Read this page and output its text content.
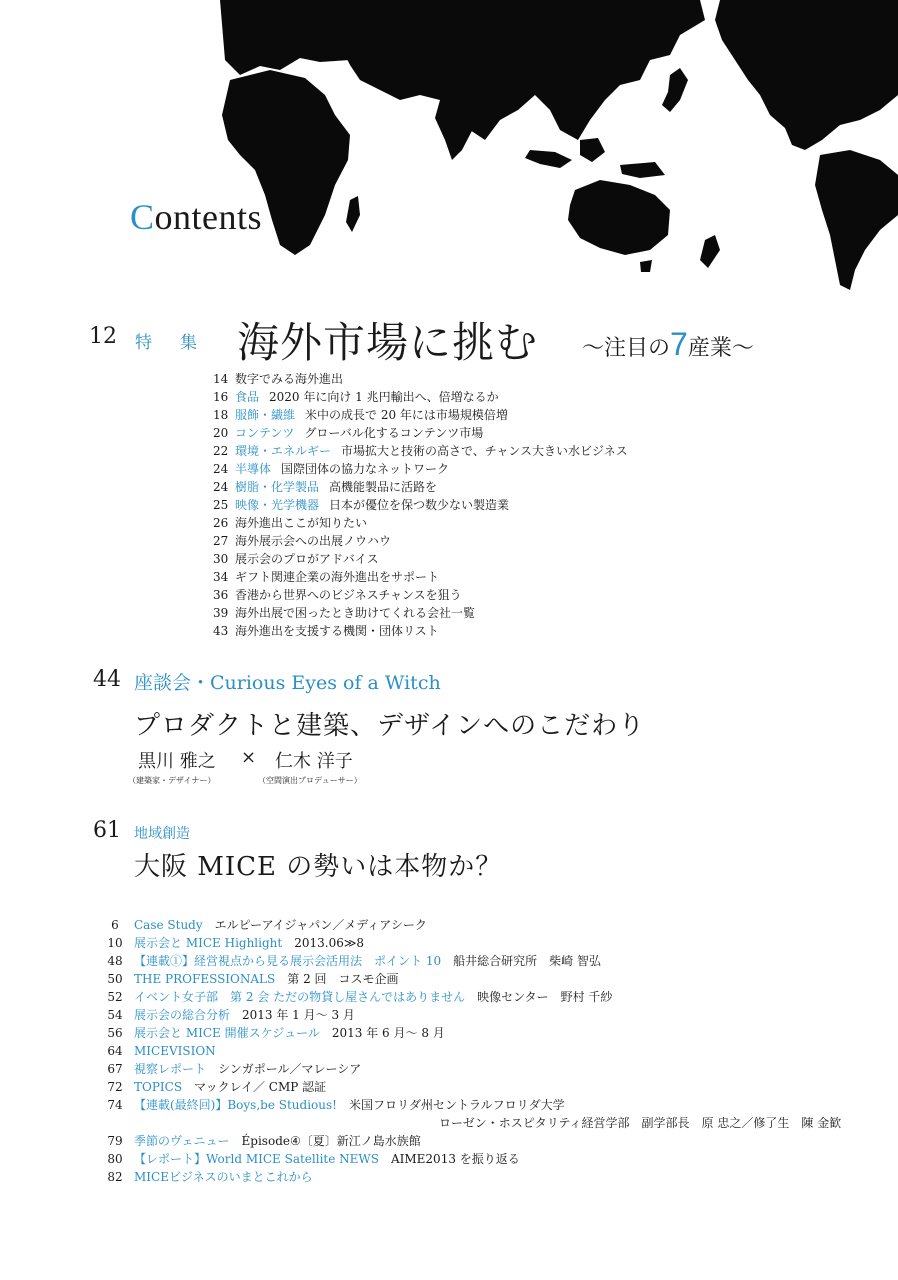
Contents
12 特集 海外市場に挑む ～注目の7産業～
14 数字でみる海外進出
16 食品 2020 年に向け 1 兆円輸出へ、倍増なるか
18 服飾・繊維 米中の成長で 20 年には市場規模倍増
20 コンテンツ グローバル化するコンテンツ市場
22 環境・エネルギー 市場拡大と技術の高さで、チャンス大きい水ビジネス
24 半導体 国際団体の協力なネットワーク
24 樹脂・化学製品 高機能製品に活路を
25 映像・光学機器 日本が優位を保つ数少ない製造業
26 海外進出ここが知りたい
27 海外展示会への出展ノウハウ
30 展示会のプロがアドバイス
34 ギフト関連企業の海外進出をサポート
36 香港から世界へのビジネスチャンスを狙う
39 海外出展で困ったとき助けてくれる会社一覧
43 海外進出を支援する機関・団体リスト
44 座談会・Curious Eyes of a Witch
プロダクトと建築、デザインへのこだわり
黒川 雅之 × 仁木 洋子
（建築家・デザイナー）	（空間演出プロデューサー）
61 地域創造
大阪 MICE の勢いは本物か？
6 Case Study エルピーアイジャパン／メディアシーク
10 展示会と MICE Highlight 2013.06≫8
48 【連載①】経営視点から見る展示会活用法　ポイント 10 船井総合研究所　柴崎 智弘
50 THE PROFESSIONALS 第 2 回　コスモ企画
52 イベント女子部　第 2 会 ただの物貸し屋さんではありません 映像センター　野村 千紗
54 展示会の総合分析 2013 年 1 月～ 3 月
56 展示会と MICE 開催スケジュール 2013 年 6 月～ 8 月
64 MICEVISION
67 視察レポート シンガポール／マレーシア
72 TOPICS マックレイ／ CMP 認証
74 【連載(最終回)】Boys,be Studious! 米国フロリダ州セントラルフロリダ大学
ローゼン・ホスピタリティ経営学部　副学部長　原 忠之／修了生　陳 金歓
79 季節のヴェニュー Épisode④〔夏〕新江ノ島水族館
80 【レポート】World MICE Satellite NEWS AIME2013 を振り返る
82 MICEビジネスのいまとこれから
